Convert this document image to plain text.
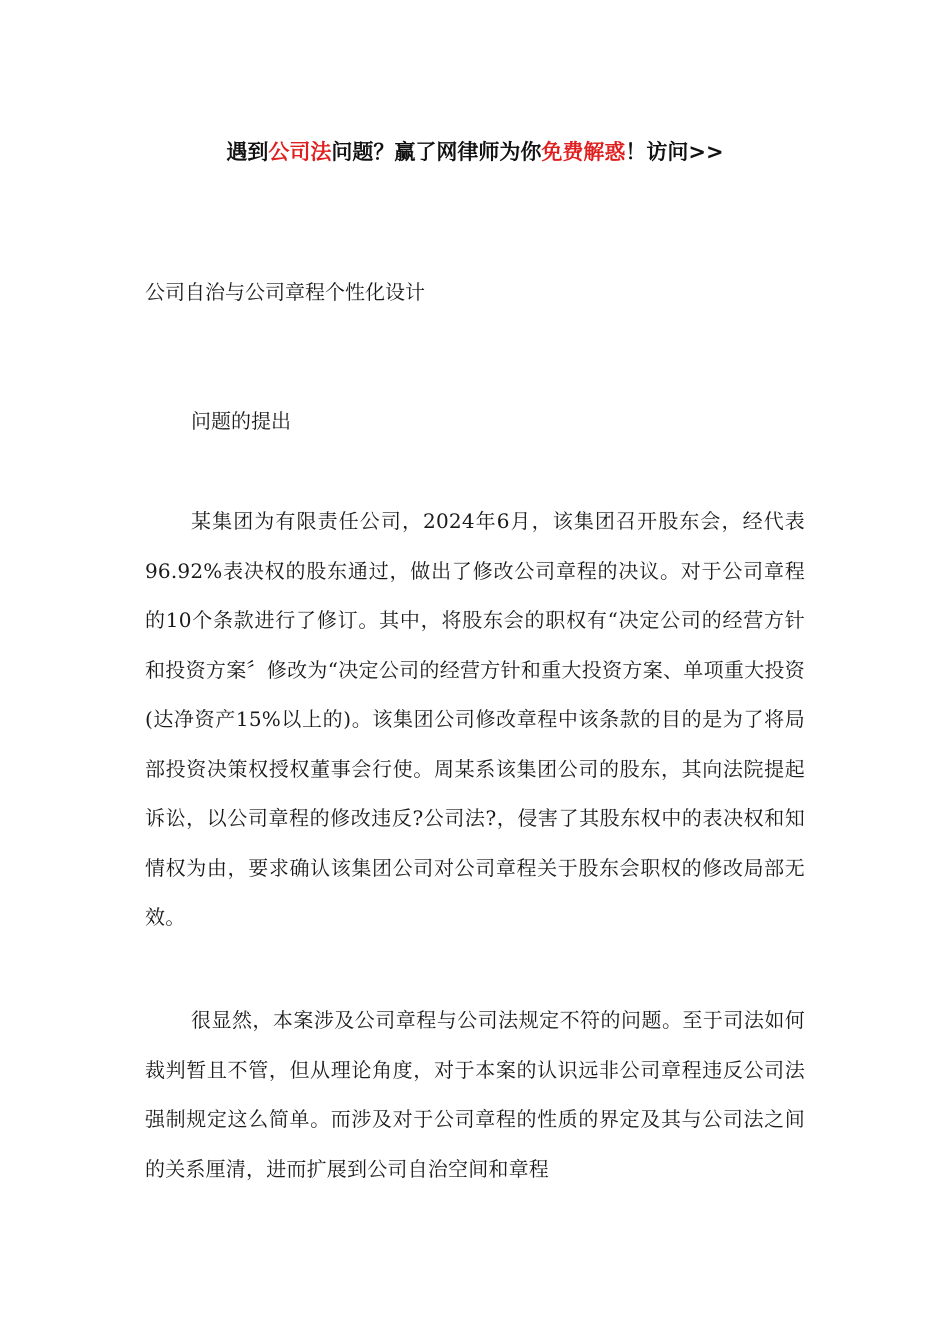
遇到公司法问题？赢了网律师为你免费解惑！访问>>
公司自治与公司章程个性化设计
问题的提出

某集团为有限责任公司，2024年6月，该集团召开股东会，经代表96.92%表决权的股东通过，做出了修改公司章程的决议。对于公司章程的10个条款进行了修订。其中，将股东会的职权有“决定公司的经营方针和投资方案〞修改为“决定公司的经营方针和重大投资方案、单项重大投资(达净资产15%以上的)。该集团公司修改章程中该条款的目的是为了将局部投资决策权授权董事会行使。周某系该集团公司的股东，其向法院提起诉讼，以公司章程的修改违反?公司法?，侵害了其股东权中的表决权和知情权为由，要求确认该集团公司对公司章程关于股东会职权的修改局部无效。

很显然，本案涉及公司章程与公司法规定不符的问题。至于司法如何裁判暂且不管，但从理论角度，对于本案的认识远非公司章程违反公司法强制规定这么简单。而涉及对于公司章程的性质的界定及其与公司法之间的关系厘清，进而扩展到公司自治空间和章程
